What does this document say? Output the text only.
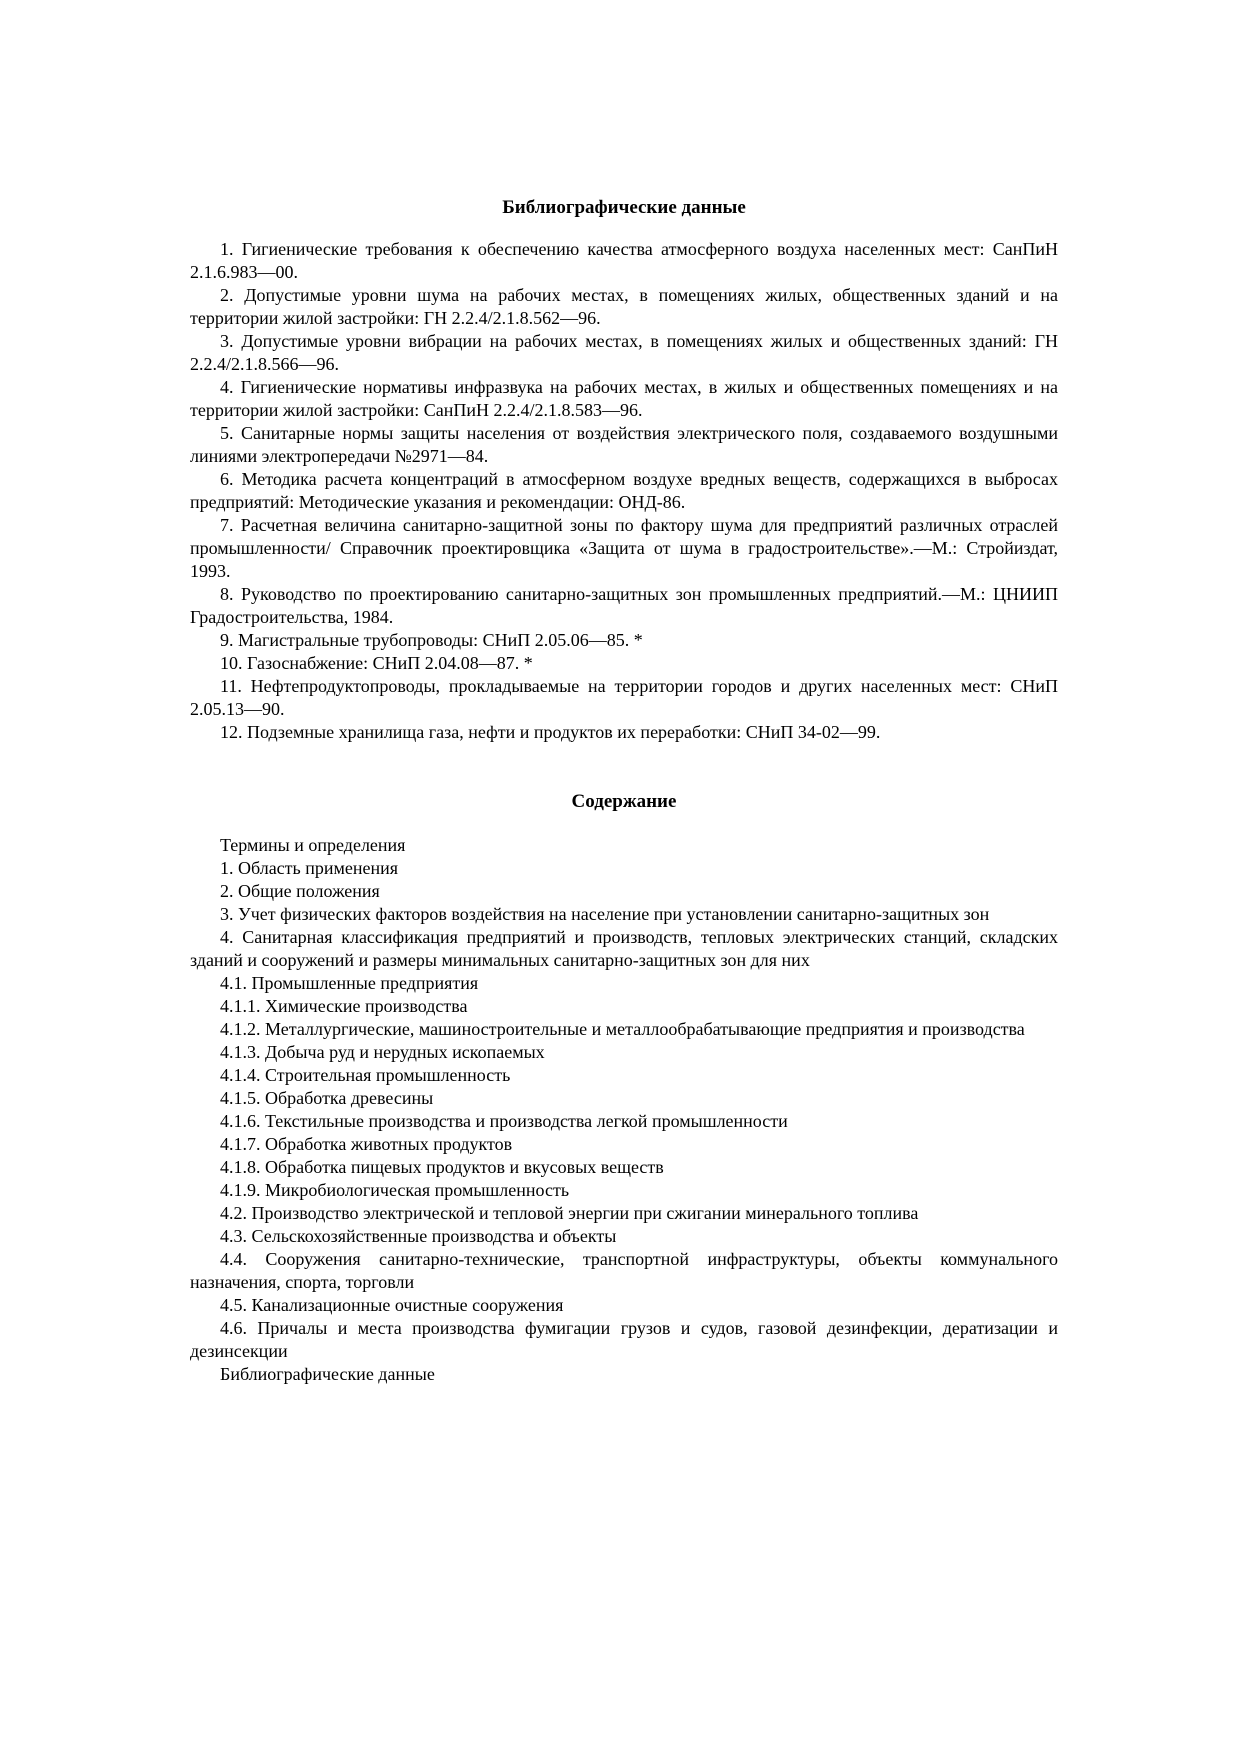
Библиографические данные

1. Гигиенические требования к обеспечению качества атмосферного воздуха населенных мест: СанПиН 2.1.6.983—00.

2. Допустимые уровни шума на рабочих местах, в помещениях жилых, общественных зданий и на территории жилой застройки: ГН 2.2.4/2.1.8.562—96.

3. Допустимые уровни вибрации на рабочих местах, в помещениях жилых и общественных зданий: ГН 2.2.4/2.1.8.566—96.

4. Гигиенические нормативы инфразвука на рабочих местах, в жилых и общественных помещениях и на территории жилой застройки: СанПиН 2.2.4/2.1.8.583—96.

5. Санитарные нормы защиты населения от воздействия электрического поля, создаваемого воздушными линиями электропередачи №2971—84.

6. Методика расчета концентраций в атмосферном воздухе вредных веществ, содержащихся в выбросах предприятий: Методические указания и рекомендации: ОНД-86.

7. Расчетная величина санитарно-защитной зоны по фактору шума для предприятий различных отраслей промышленности/ Справочник проектировщика «Защита от шума в градостроительстве».—М.: Стройиздат, 1993.

8. Руководство по проектированию санитарно-защитных зон промышленных предприятий.—М.: ЦНИИП Градостроительства, 1984.

9. Магистральные трубопроводы: СНиП 2.05.06—85. *

10. Газоснабжение: СНиП 2.04.08—87. *

11. Нефтепродуктопроводы, прокладываемые на территории городов и других населенных мест: СНиП 2.05.13—90.

12. Подземные хранилища газа, нефти и продуктов их переработки: СНиП 34-02—99.

Содержание

Термины и определения

1. Область применения

2. Общие положения

3. Учет физических факторов воздействия на население при установлении санитарно-защитных зон

4. Санитарная классификация предприятий и производств, тепловых электрических станций, складских зданий и сооружений и размеры минимальных санитарно-защитных зон для них

4.1. Промышленные предприятия

4.1.1. Химические производства

4.1.2. Металлургические, машиностроительные и металлообрабатывающие предприятия и производства

4.1.3. Добыча руд и нерудных ископаемых

4.1.4. Строительная промышленность

4.1.5. Обработка древесины

4.1.6. Текстильные производства и производства легкой промышленности

4.1.7. Обработка животных продуктов

4.1.8. Обработка пищевых продуктов и вкусовых веществ

4.1.9. Микробиологическая промышленность

4.2. Производство электрической и тепловой энергии при сжигании минерального топлива

4.3. Сельскохозяйственные производства и объекты

4.4. Сооружения санитарно-технические, транспортной инфраструктуры, объекты коммунального назначения, спорта, торговли

4.5. Канализационные очистные сооружения

4.6. Причалы и места производства фумигации грузов и судов, газовой дезинфекции, дератизации и дезинсекции

Библиографические данные
